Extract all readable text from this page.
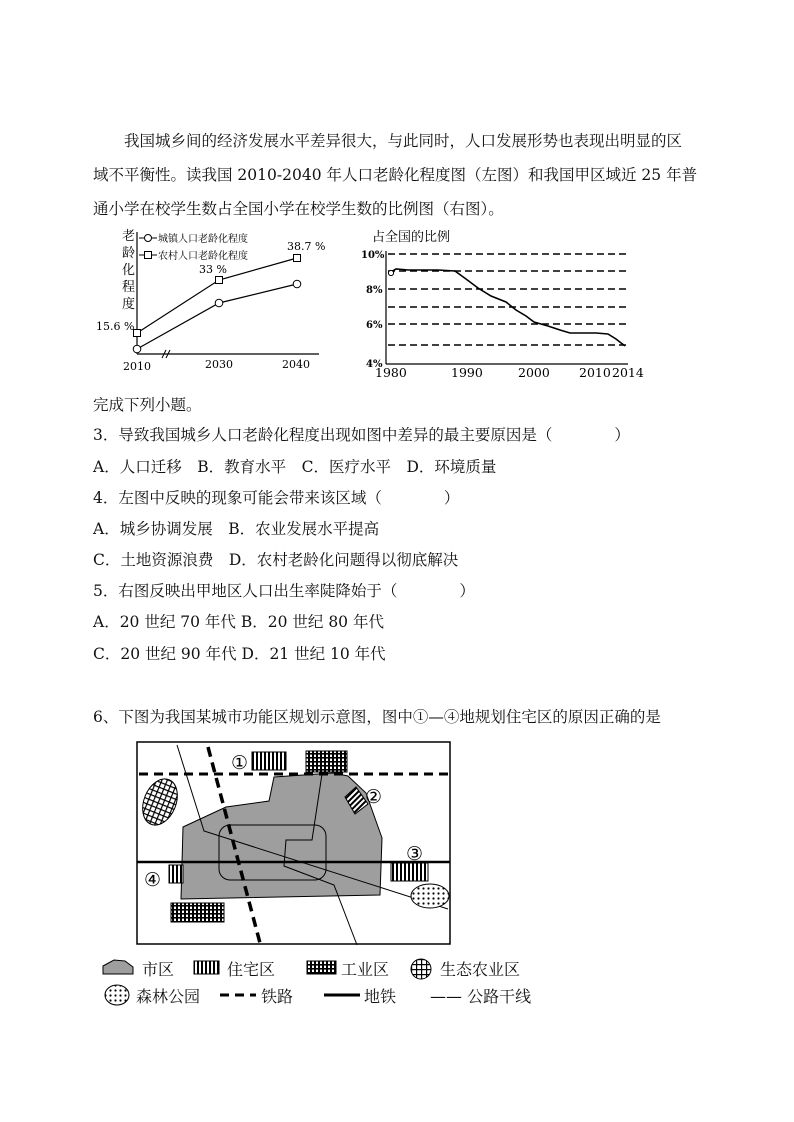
我国城乡间的经济发展水平差异很大，与此同时，人口发展形势也表现出明显的区
域不平衡性。读我国 2010-2040 年人口老龄化程度图（左图）和我国甲区域近 25 年普
通小学在校学生数占全国小学在校学生数的比例图（右图）。
老
龄
化
程
度
城镇人口老龄化程度
农村人口老龄化程度
15.6 %
33 %
38.7 %
2010	2030	2040
占全国的比例
10%
8%
6%
4%
1980	1990	2000 2010 2014
完成下列小题。
3．导致我国城乡人口老龄化程度出现如图中差异的最主要原因是（　　　　）
A．人口迁移　B．教育水平　C．医疗水平　D．环境质量
4．左图中反映的现象可能会带来该区域（　　　　）
A．城乡协调发展　B．农业发展水平提高
C．土地资源浪费　D．农村老龄化问题得以彻底解决
5．右图反映出甲地区人口出生率陡降始于（　　　　）
A．20 世纪 70 年代 B．20 世纪 80 年代
C．20 世纪 90 年代 D．21 世纪 10 年代
6、下图为我国某城市功能区规划示意图，图中①—④地规划住宅区的原因正确的是
①
②
③
④
市区	住宅区	工业区	生态农业区
森林公园	铁路	地铁 —— 公路干线
